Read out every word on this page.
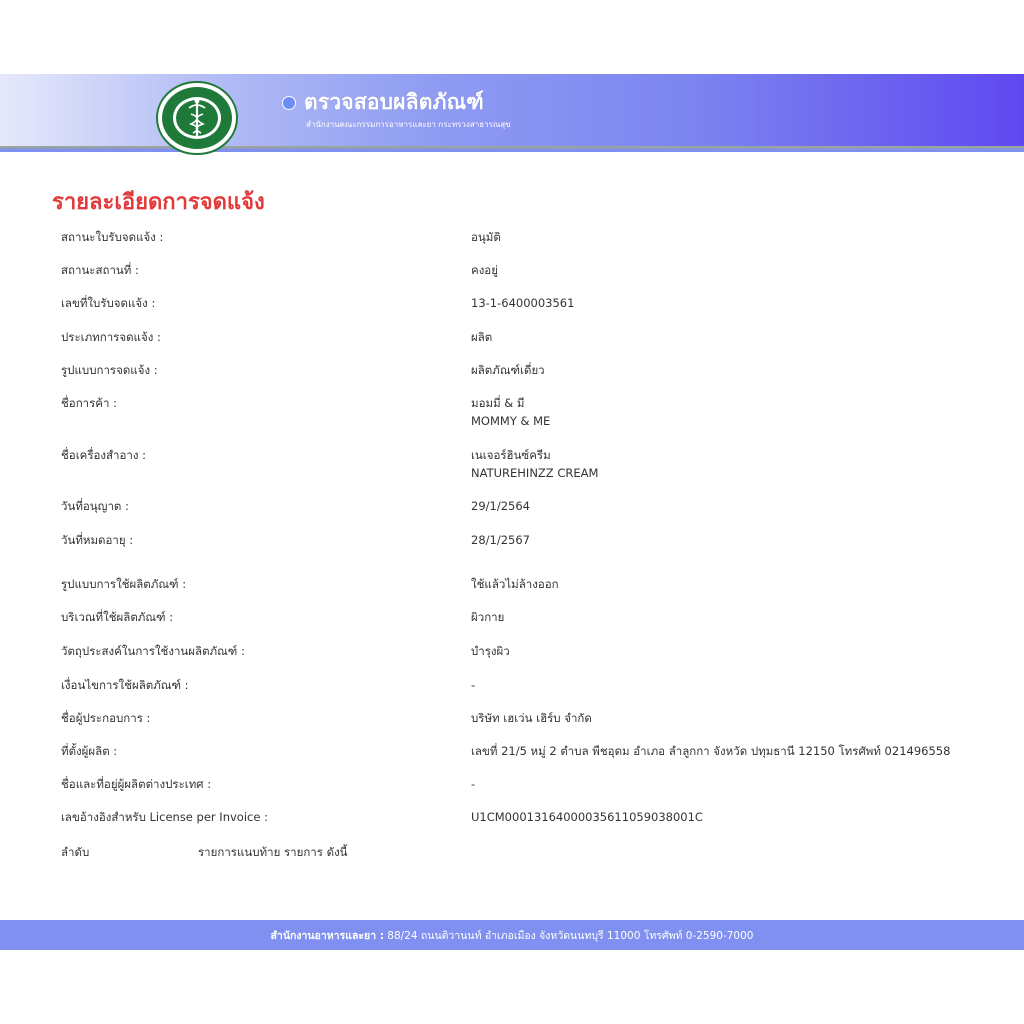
ตรวจสอบผลิตภัณฑ์
สำนักงานคณะกรรมการอาหารและยา กระทรวงสาธารณสุข
รายละเอียดการจดแจ้ง
สถานะใบรับจดแจ้ง :	อนุมัติ
สถานะสถานที่ :	คงอยู่
เลขที่ใบรับจดแจ้ง :	13-1-6400003561
ประเภทการจดแจ้ง :	ผลิต
รูปแบบการจดแจ้ง :	ผลิตภัณฑ์เดี่ยว
ชื่อการค้า :	มอมมี่ & มี
MOMMY & ME
ชื่อเครื่องสำอาง :	เนเจอร์ฮินซ์ครีม
NATUREHINZZ CREAM
วันที่อนุญาต :	29/1/2564
วันที่หมดอายุ :	28/1/2567
รูปแบบการใช้ผลิตภัณฑ์ :	ใช้แล้วไม่ล้างออก
บริเวณที่ใช้ผลิตภัณฑ์ :	ผิวกาย
วัตถุประสงค์ในการใช้งานผลิตภัณฑ์ :	บำรุงผิว
เงื่อนไขการใช้ผลิตภัณฑ์ :	-
ชื่อผู้ประกอบการ :	บริษัท เฮเว่น เฮิร์บ จำกัด
ที่ตั้งผู้ผลิต :	เลขที่ 21/5 หมู่ 2 ตำบล พืชอุดม อำเภอ ลำลูกกา จังหวัด ปทุมธานี 12150 โทรศัพท์ 021496558
ชื่อและที่อยู่ผู้ผลิตต่างประเทศ :	-
เลขอ้างอิงสำหรับ License per Invoice :	U1CM0001316400003561105903800‌1C
ลำดับ	รายการแนบท้าย รายการ ดังนี้
สำนักงานอาหารและยา : 88/24 ถนนติวานนท์ อำเภอเมือง จังหวัดนนทบุรี 11000 โทรศัพท์ 0-2590-7000
